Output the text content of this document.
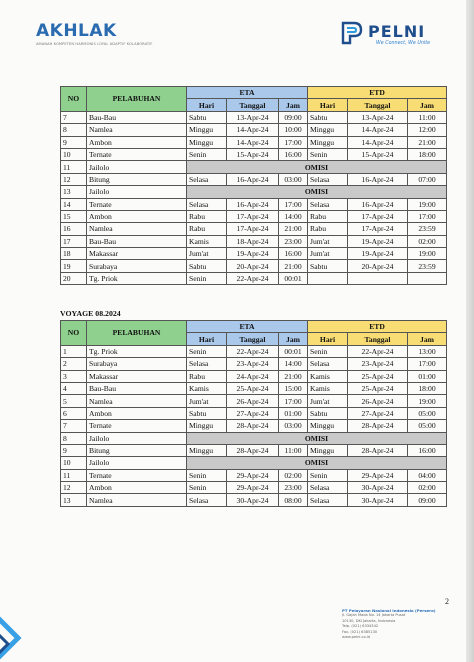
AKHLAK
AMANAH KOMPETEN HARMONIS LOYAL ADAPTIF KOLABORATIF
PELNI
We Connect, We Unite
NO	PELABUHAN	ETA			ETD		
		Hari	Tanggal	Jam	Hari	Tanggal	Jam
7	Bau-Bau	Sabtu	13-Apr-24	09:00	Sabtu	13-Apr-24	11:00
8	Namlea	Minggu	14-Apr-24	10:00	Minggu	14-Apr-24	12:00
9	Ambon	Minggu	14-Apr-24	17:00	Minggu	14-Apr-24	21:00
10	Ternate	Senin	15-Apr-24	16:00	Senin	15-Apr-24	18:00
11	Jailolo	OMISI					
12	Bitung	Selasa	16-Apr-24	03:00	Selasa	16-Apr-24	07:00
13	Jailolo	OMISI					
14	Ternate	Selasa	16-Apr-24	17:00	Selasa	16-Apr-24	19:00
15	Ambon	Rabu	17-Apr-24	14:00	Rabu	17-Apr-24	17:00
16	Namlea	Rabu	17-Apr-24	21:00	Rabu	17-Apr-24	23:59
17	Bau-Bau	Kamis	18-Apr-24	23:00	Jum'at	19-Apr-24	02:00
18	Makassar	Jum'at	19-Apr-24	16:00	Jum'at	19-Apr-24	19:00
19	Surabaya	Sabtu	20-Apr-24	21:00	Sabtu	20-Apr-24	23:59
20	Tg. Priok	Senin	22-Apr-24	00:01			
VOYAGE 08.2024
NO	PELABUHAN	ETA			ETD		
		Hari	Tanggal	Jam	Hari	Tanggal	Jam
1	Tg. Priok	Senin	22-Apr-24	00:01	Senin	22-Apr-24	13:00
2	Surabaya	Selasa	23-Apr-24	14:00	Selasa	23-Apr-24	17:00
3	Makassar	Rabu	24-Apr-24	21:00	Kamis	25-Apr-24	01:00
4	Bau-Bau	Kamis	25-Apr-24	15:00	Kamis	25-Apr-24	18:00
5	Namlea	Jum'at	26-Apr-24	17:00	Jum'at	26-Apr-24	19:00
6	Ambon	Sabtu	27-Apr-24	01:00	Sabtu	27-Apr-24	05:00
7	Ternate	Minggu	28-Apr-24	03:00	Minggu	28-Apr-24	05:00
8	Jailolo	OMISI					
9	Bitung	Minggu	28-Apr-24	11:00	Minggu	28-Apr-24	16:00
10	Jailolo	OMISI					
11	Ternate	Senin	29-Apr-24	02:00	Senin	29-Apr-24	04:00
12	Ambon	Senin	29-Apr-24	23:00	Selasa	30-Apr-24	02:00
13	Namlea	Selasa	30-Apr-24	08:00	Selasa	30-Apr-24	09:00
2
PT Pelayaran Nasional Indonesia (Persero)
Jl. Gajah Mada No. 14 Jakarta Pusat
10130, DKI Jakarta, Indonesia
Telp. (021) 6334342
Fax. (021) 6385130
www.pelni.co.id
